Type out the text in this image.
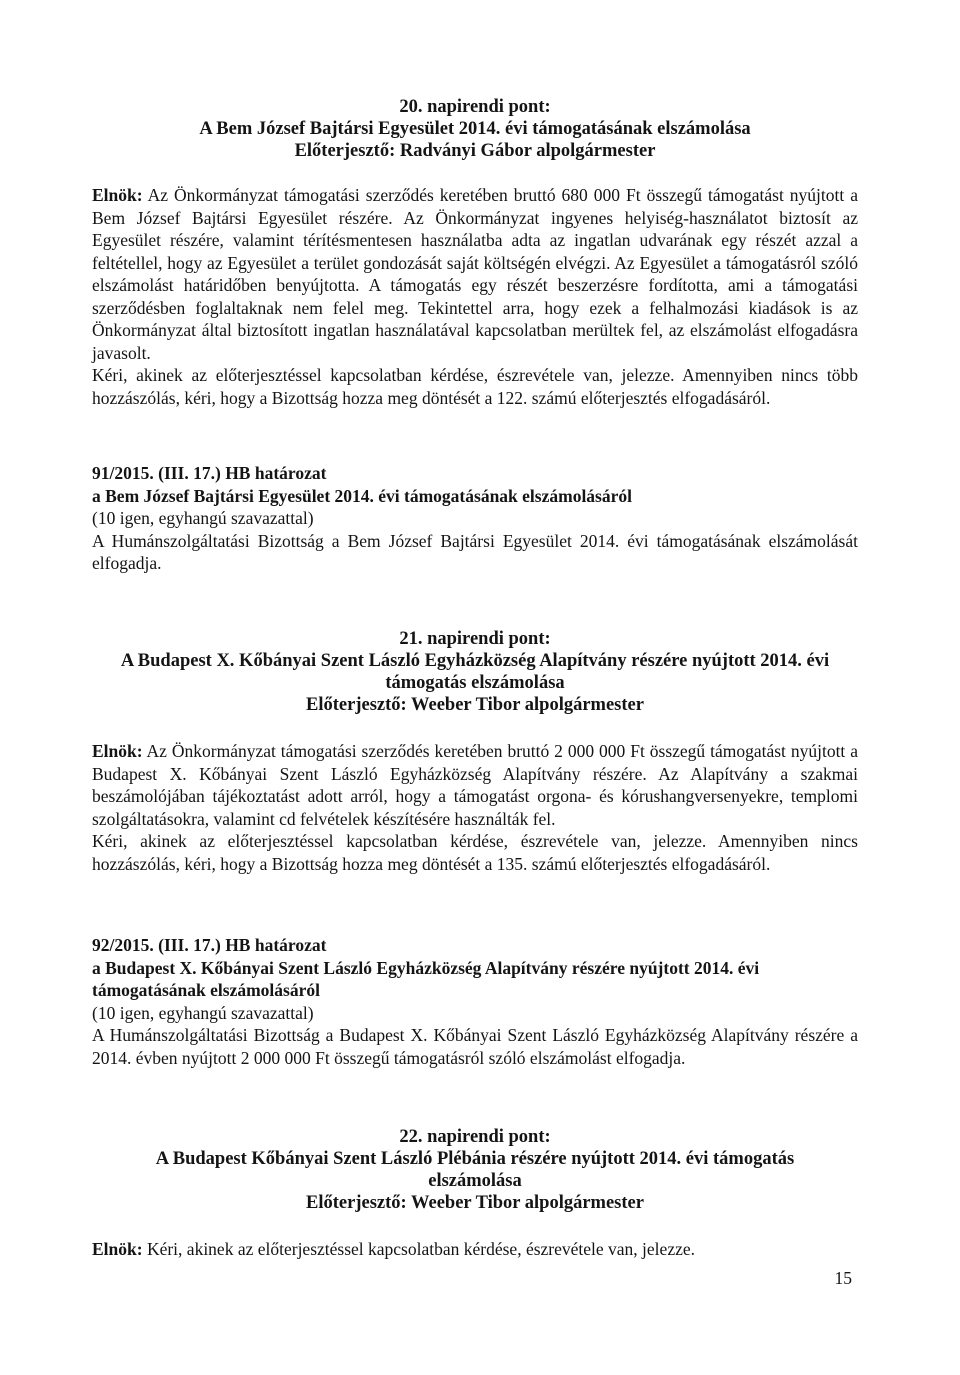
20. napirendi pont:
A Bem József Bajtársi Egyesület 2014. évi támogatásának elszámolása
Előterjesztő: Radványi Gábor alpolgármester

Elnök: Az Önkormányzat támogatási szerződés keretében bruttó 680 000 Ft összegű támogatást nyújtott a Bem József Bajtársi Egyesület részére. Az Önkormányzat ingyenes helyiség-használatot biztosít az Egyesület részére, valamint térítésmentesen használatba adta az ingatlan udvarának egy részét azzal a feltétellel, hogy az Egyesület a terület gondozását saját költségén elvégzi. Az Egyesület a támogatásról szóló elszámolást határidőben benyújtotta. A támogatás egy részét beszerzésre fordította, ami a támogatási szerződésben foglaltaknak nem felel meg. Tekintettel arra, hogy ezek a felhalmozási kiadások is az Önkormányzat által biztosított ingatlan használatával kapcsolatban merültek fel, az elszámolást elfogadásra javasolt.

Kéri, akinek az előterjesztéssel kapcsolatban kérdése, észrevétele van, jelezze. Amennyiben nincs több hozzászólás, kéri, hogy a Bizottság hozza meg döntését a 122. számú előterjesztés elfogadásáról.

91/2015. (III. 17.) HB határozat
a Bem József Bajtársi Egyesület 2014. évi támogatásának elszámolásáról
(10 igen, egyhangú szavazattal)

A Humánszolgáltatási Bizottság a Bem József Bajtársi Egyesület 2014. évi támogatásának elszámolását elfogadja.

21. napirendi pont:
A Budapest X. Kőbányai Szent László Egyházközség Alapítvány részére nyújtott 2014. évi
támogatás elszámolása
Előterjesztő: Weeber Tibor alpolgármester

Elnök: Az Önkormányzat támogatási szerződés keretében bruttó 2 000 000 Ft összegű támogatást nyújtott a Budapest X. Kőbányai Szent László Egyházközség Alapítvány részére. Az Alapítvány a szakmai beszámolójában tájékoztatást adott arról, hogy a támogatást orgona- és kórushangversenyekre, templomi szolgáltatásokra, valamint cd felvételek készítésére használták fel.

Kéri, akinek az előterjesztéssel kapcsolatban kérdése, észrevétele van, jelezze. Amennyiben nincs hozzászólás, kéri, hogy a Bizottság hozza meg döntését a 135. számú előterjesztés elfogadásáról.

92/2015. (III. 17.) HB határozat
a Budapest X. Kőbányai Szent László Egyházközség Alapítvány részére nyújtott 2014. évi támogatásának elszámolásáról
(10 igen, egyhangú szavazattal)

A Humánszolgáltatási Bizottság a Budapest X. Kőbányai Szent László Egyházközség Alapítvány részére a 2014. évben nyújtott 2 000 000 Ft összegű támogatásról szóló elszámolást elfogadja.

22. napirendi pont:
A Budapest Kőbányai Szent László Plébánia részére nyújtott 2014. évi támogatás
elszámolása
Előterjesztő: Weeber Tibor alpolgármester

Elnök: Kéri, akinek az előterjesztéssel kapcsolatban kérdése, észrevétele van, jelezze.

15
